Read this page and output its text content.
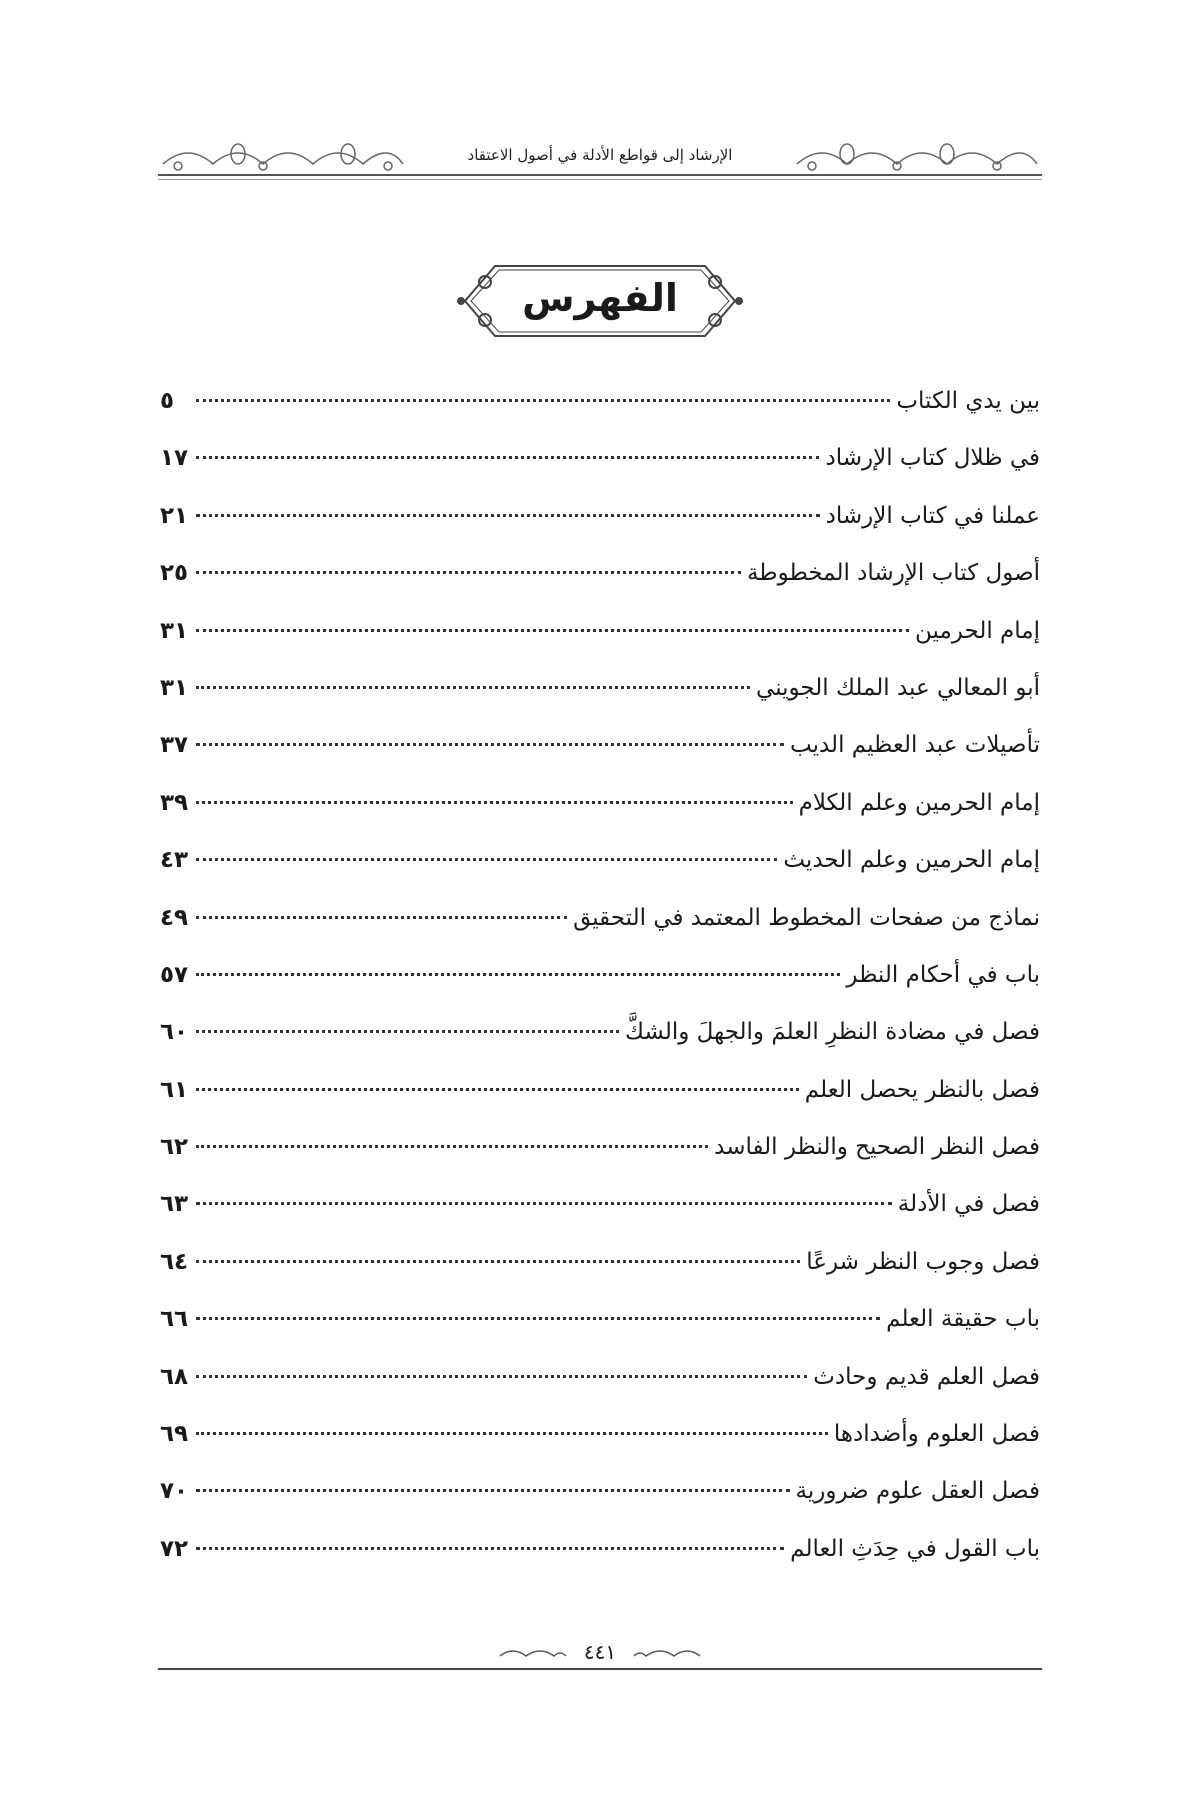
الإرشاد إلى قواطع الأدلة في أصول الاعتقاد
الفهرس
بين يدي الكتاب
٥
في ظلال كتاب الإرشاد
١٧
عملنا في كتاب الإرشاد
٢١
أصول كتاب الإرشاد المخطوطة
٢٥
إمام الحرمين
٣١
أبو المعالي عبد الملك الجويني
٣١
تأصيلات عبد العظيم الديب
٣٧
إمام الحرمين وعلم الكلام
٣٩
إمام الحرمين وعلم الحديث
٤٣
نماذج من صفحات المخطوط المعتمد في التحقيق
٤٩
باب في أحكام النظر
٥٧
فصل في مضادة النظرِ العلمَ والجهلَ والشكَّ
٦٠
فصل بالنظر يحصل العلم
٦١
فصل النظر الصحيح والنظر الفاسد
٦٢
فصل في الأدلة
٦٣
فصل وجوب النظر شرعًا
٦٤
باب حقيقة العلم
٦٦
فصل العلم قديم وحادث
٦٨
فصل العلوم وأضدادها
٦٩
فصل العقل علوم ضرورية
٧٠
باب القول في حِدَثِ العالم
٧٢
٤٤١
